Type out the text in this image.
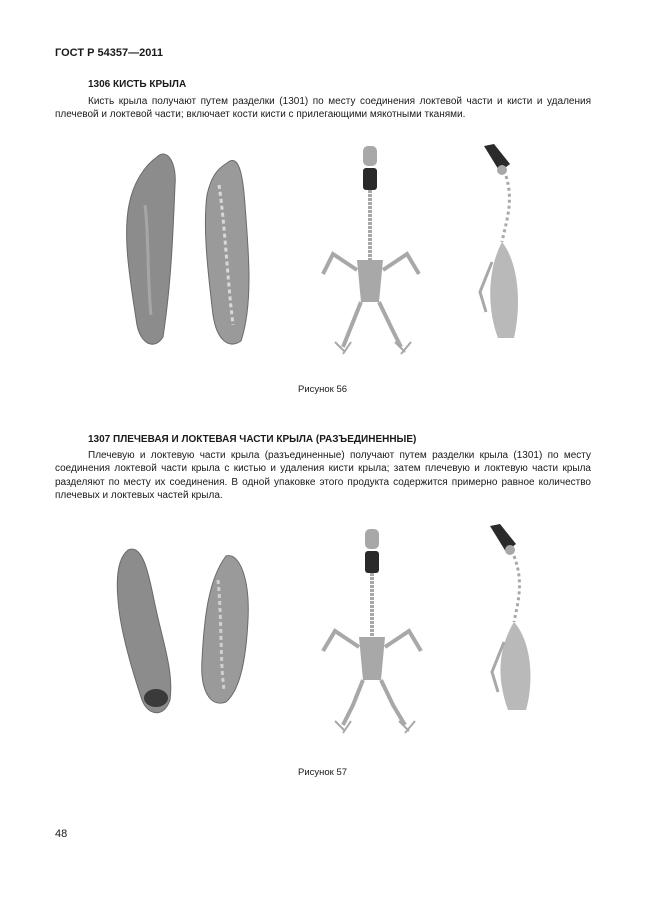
ГОСТ Р 54357—2011
1306 КИСТЬ КРЫЛА
Кисть крыла получают путем разделки (1301) по месту соединения локтевой части и кисти и удаления плечевой и локтевой части; включает кости кисти с прилегающими мякотными тканями.
Рисунок 56
1307 ПЛЕЧЕВАЯ И ЛОКТЕВАЯ ЧАСТИ КРЫЛА (РАЗЪЕДИНЕННЫЕ)
Плечевую и локтевую части крыла (разъединенные) получают путем разделки крыла (1301) по месту соединения локтевой части крыла с кистью и удаления кисти крыла; затем плечевую и локтевую части крыла разделяют по месту их соединения. В одной упаковке этого продукта содержится примерно равное количество плечевых и локтевых частей крыла.
Рисунок 57
48
